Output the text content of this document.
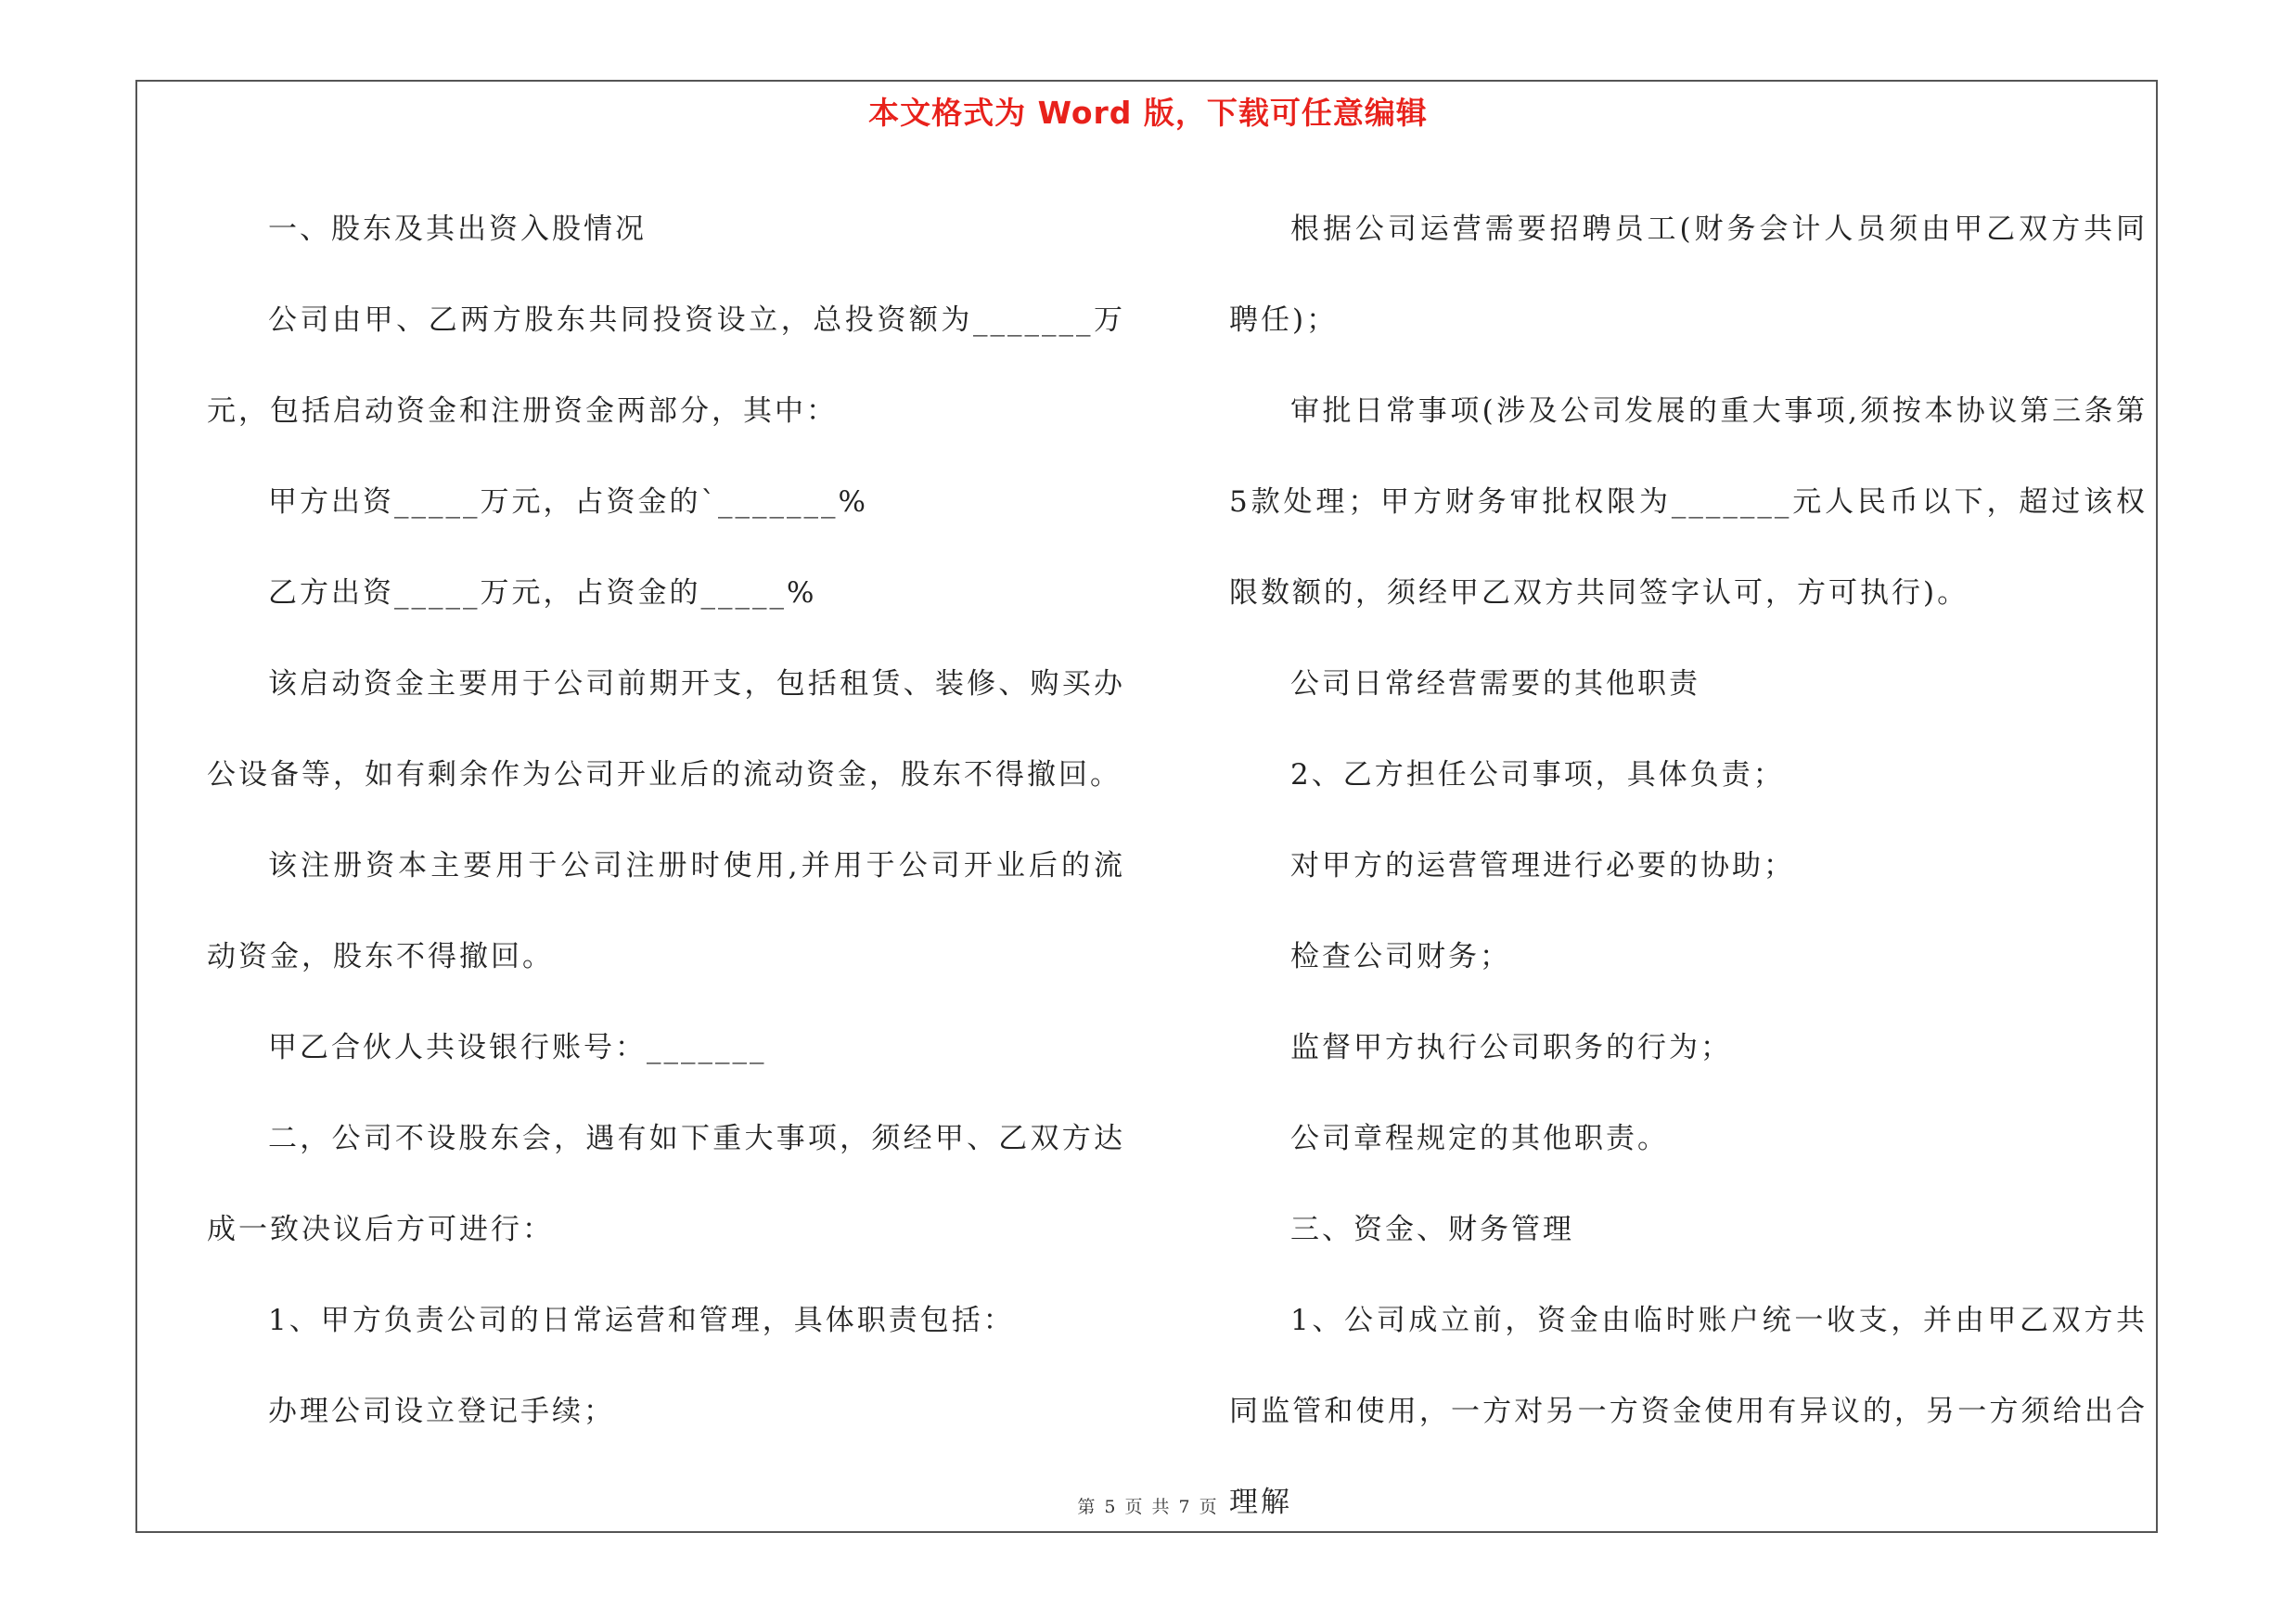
本文格式为 Word 版，下载可任意编辑

一、股东及其出资入股情况

公司由甲、乙两方股东共同投资设立，总投资额为_______万元，包括启动资金和注册资金两部分，其中：

甲方出资_____万元，占资金的`_______%

乙方出资_____万元，占资金的_____%

该启动资金主要用于公司前期开支，包括租赁、装修、购买办公设备等，如有剩余作为公司开业后的流动资金，股东不得撤回。

该注册资本主要用于公司注册时使用,并用于公司开业后的流动资金，股东不得撤回。

甲乙合伙人共设银行账号：_______

二，公司不设股东会，遇有如下重大事项，须经甲、乙双方达成一致决议后方可进行：

1、甲方负责公司的日常运营和管理，具体职责包括：

办理公司设立登记手续；

根据公司运营需要招聘员工(财务会计人员须由甲乙双方共同聘任)；

审批日常事项(涉及公司发展的重大事项,须按本协议第三条第5款处理；甲方财务审批权限为_______元人民币以下，超过该权限数额的，须经甲乙双方共同签字认可，方可执行)。

公司日常经营需要的其他职责

2、乙方担任公司事项，具体负责；

对甲方的运营管理进行必要的协助；

检查公司财务；

监督甲方执行公司职务的行为；

公司章程规定的其他职责。

三、资金、财务管理

1、公司成立前，资金由临时账户统一收支，并由甲乙双方共同监管和使用，一方对另一方资金使用有异议的，另一方须给出合理解

第 5 页 共 7 页
